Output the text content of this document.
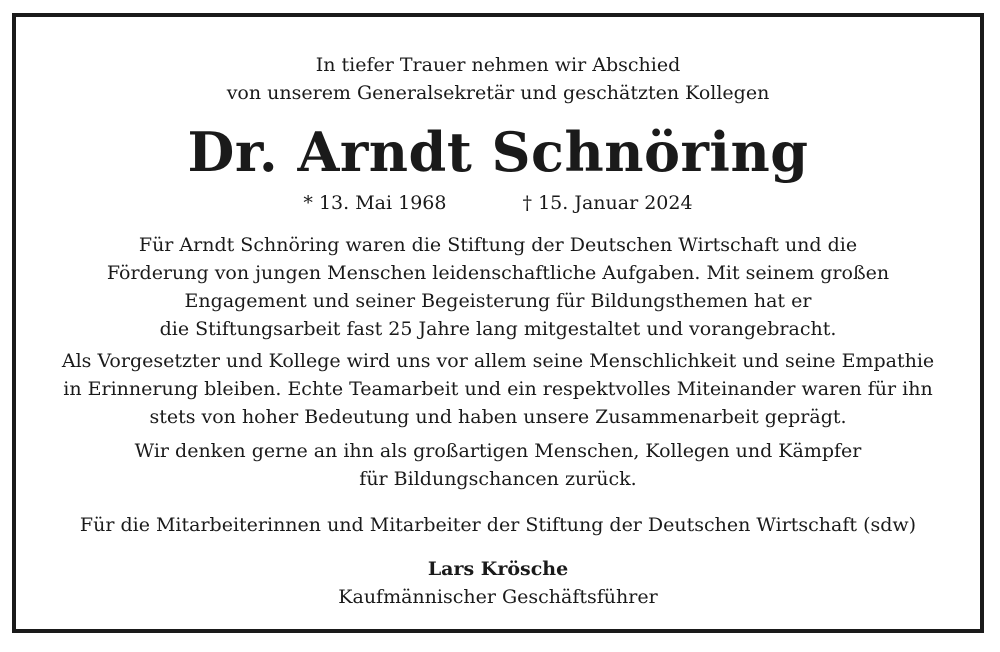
In tiefer Trauer nehmen wir Abschied
von unserem Generalsekretär und geschätzten Kollegen
Dr. Arndt Schnöring
* 13. Mai 1968	† 15. Januar 2024
Für Arndt Schnöring waren die Stiftung der Deutschen Wirtschaft und die
Förderung von jungen Menschen leidenschaftliche Aufgaben. Mit seinem großen
Engagement und seiner Begeisterung für Bildungsthemen hat er
die Stiftungsarbeit fast 25 Jahre lang mitgestaltet und vorangebracht.
Als Vorgesetzter und Kollege wird uns vor allem seine Menschlichkeit und seine Empathie
in Erinnerung bleiben. Echte Teamarbeit und ein respektvolles Miteinander waren für ihn
stets von hoher Bedeutung und haben unsere Zusammenarbeit geprägt.
Wir denken gerne an ihn als großartigen Menschen, Kollegen und Kämpfer
für Bildungschancen zurück.
Für die Mitarbeiterinnen und Mitarbeiter der Stiftung der Deutschen Wirtschaft (sdw)
Lars Krösche
Kaufmännischer Geschäftsführer
